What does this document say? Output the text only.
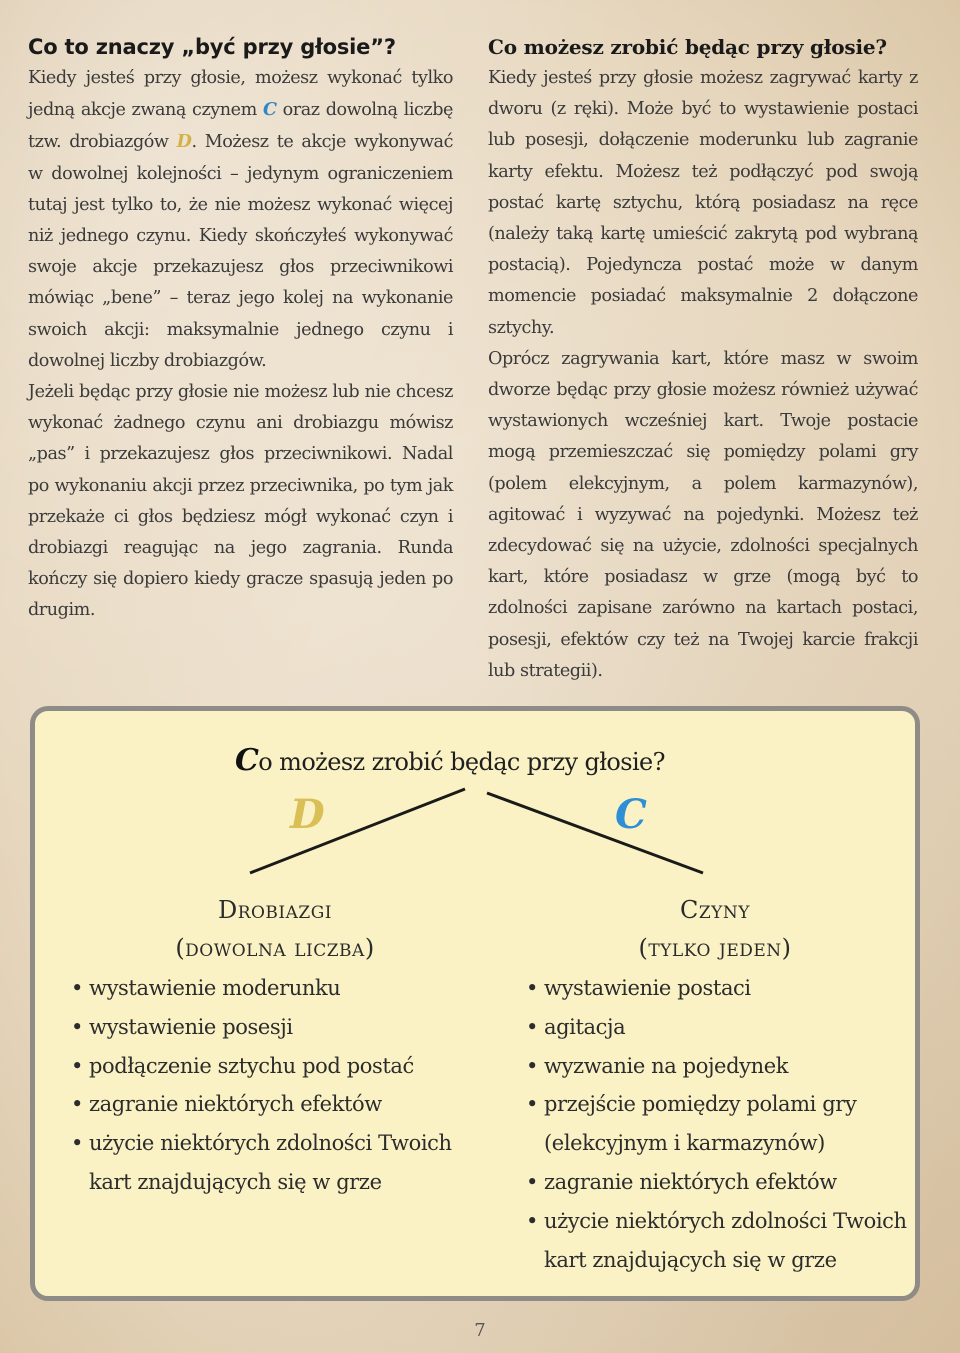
Co to znaczy „być przy głosie”?

Kiedy jesteś przy głosie, możesz wykonać tylko jedną akcje zwaną czynem C oraz dowolną liczbę tzw. drobiazgów D. Możesz te akcje wykonywać w dowolnej kolejności – jedynym ograniczeniem tutaj jest tylko to, że nie możesz wykonać więcej niż jednego czynu. Kiedy skończyłeś wykonywać swoje akcje przekazujesz głos przeciwnikowi mówiąc „bene” – teraz jego kolej na wykonanie swoich akcji: maksymalnie jednego czynu i dowolnej liczby drobiazgów.

Jeżeli będąc przy głosie nie możesz lub nie chcesz wykonać żadnego czynu ani drobiazgu mówisz „pas” i przekazujesz głos przeciwnikowi. Nadal po wykonaniu akcji przez przeciwnika, po tym jak przekaże ci głos będziesz mógł wykonać czyn i drobiazgi reagując na jego zagrania. Runda kończy się dopiero kiedy gracze spasują jeden po drugim.

Co możesz zrobić będąc przy głosie?

Kiedy jesteś przy głosie możesz zagrywać karty z dworu (z ręki). Może być to wystawienie postaci lub posesji, dołączenie moderunku lub zagranie karty efektu. Możesz też podłączyć pod swoją postać kartę sztychu, którą posiadasz na ręce (należy taką kartę umieścić zakrytą pod wybraną postacią). Pojedyncza postać może w danym momencie posiadać maksymalnie 2 dołączone sztychy.

Oprócz zagrywania kart, które masz w swoim dworze będąc przy głosie możesz również używać wystawionych wcześniej kart. Twoje postacie mogą przemieszczać się pomiędzy polami gry (polem elekcyjnym, a polem karmazynów), agitować i wyzywać na pojedynki. Możesz też zdecydować się na użycie, zdolności specjalnych kart, które posiadasz w grze (mogą być to zdolności zapisane zarówno na kartach postaci, posesji, efektów czy też na Twojej karcie frakcji lub strategii).

Co możesz zrobić będąc przy głosie?
D	C
Drobiazgi
(dowolna liczba)
Czyny
(tylko jeden)
• wystawienie moderunku
• wystawienie posesji
• podłączenie sztychu pod postać
• zagranie niektórych efektów
• użycie niektórych zdolności Twoich kart znajdujących się w grze
• wystawienie postaci
• agitacja
• wyzwanie na pojedynek
• przejście pomiędzy polami gry (elekcyjnym i karmazynów)
• zagranie niektórych efektów
• użycie niektórych zdolności Twoich kart znajdujących się w grze
7
